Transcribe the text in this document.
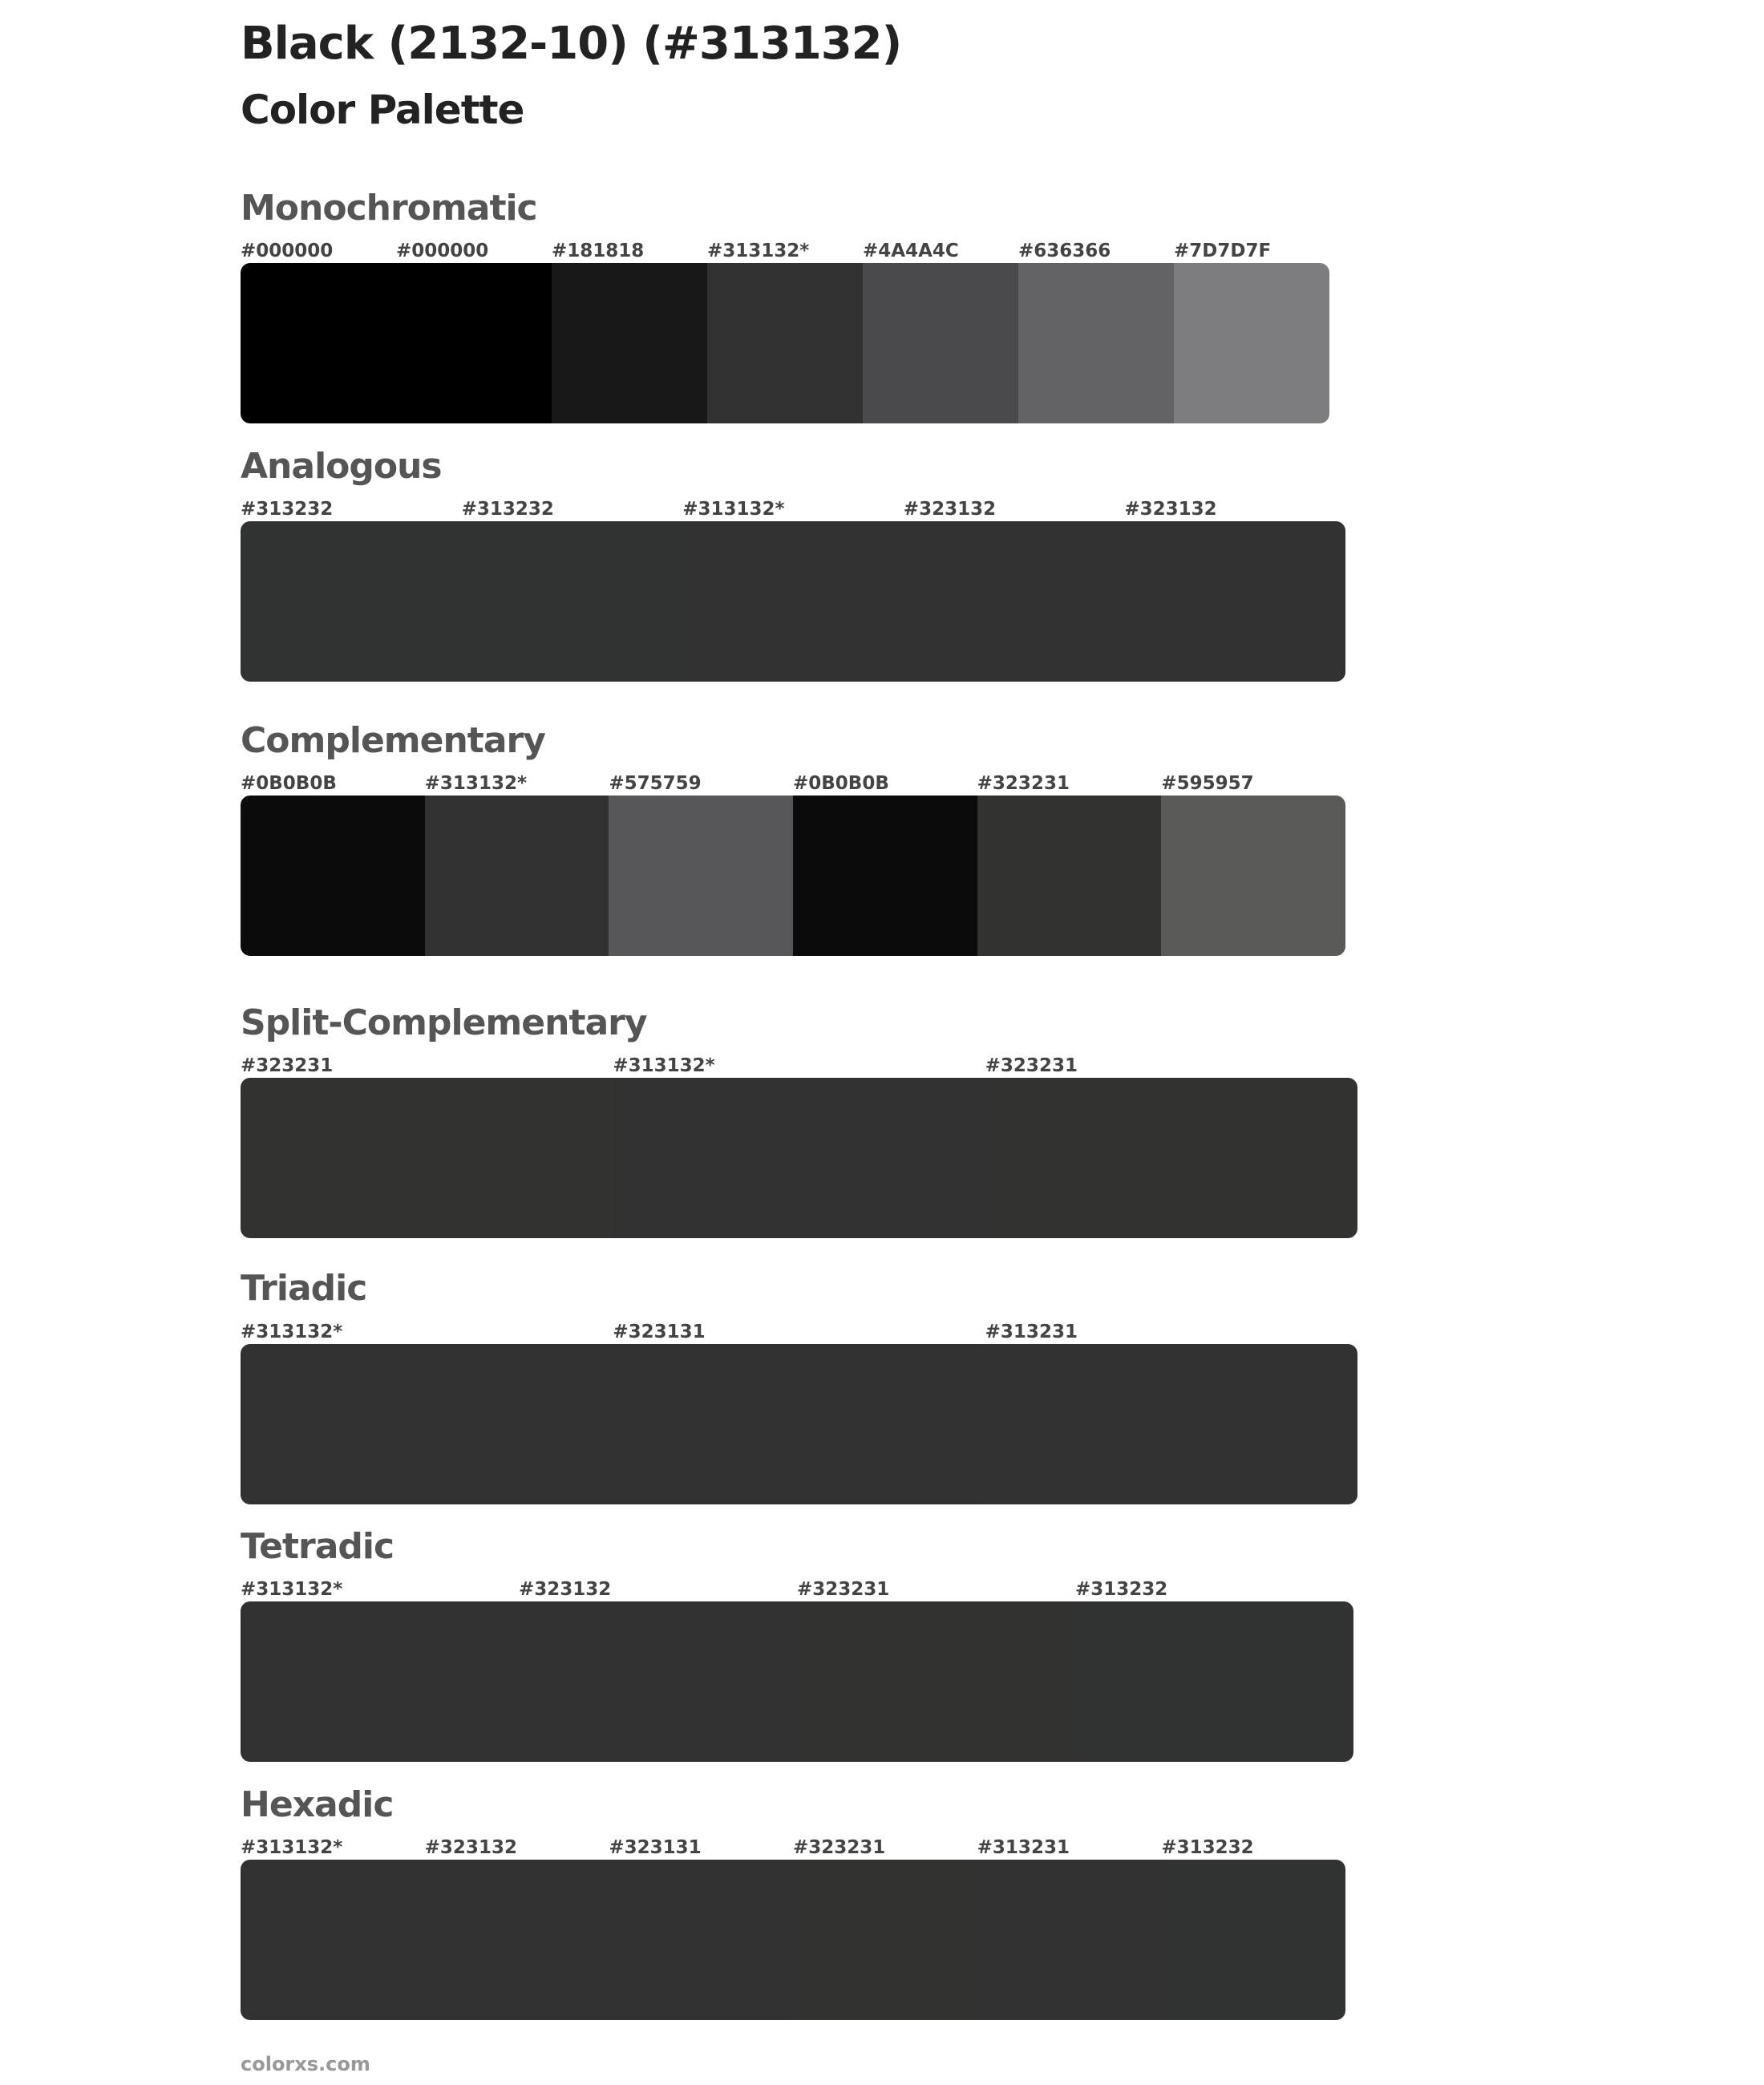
Black (2132-10) (#313132)
Color Palette
Monochromatic
#000000	#000000	#181818	#313132*	#4A4A4C	#636366	#7D7D7F
Analogous
#313232	#313232	#313132*	#323132	#323132
Complementary
#0B0B0B	#313132*	#575759	#0B0B0B	#323231	#595957
Split-Complementary
#323231	#313132*	#323231
Triadic
#313132*	#323131	#313231
Tetradic
#313132*	#323132	#323231	#313232
Hexadic
#313132*	#323132	#323131	#323231	#313231	#313232
colorxs.com
